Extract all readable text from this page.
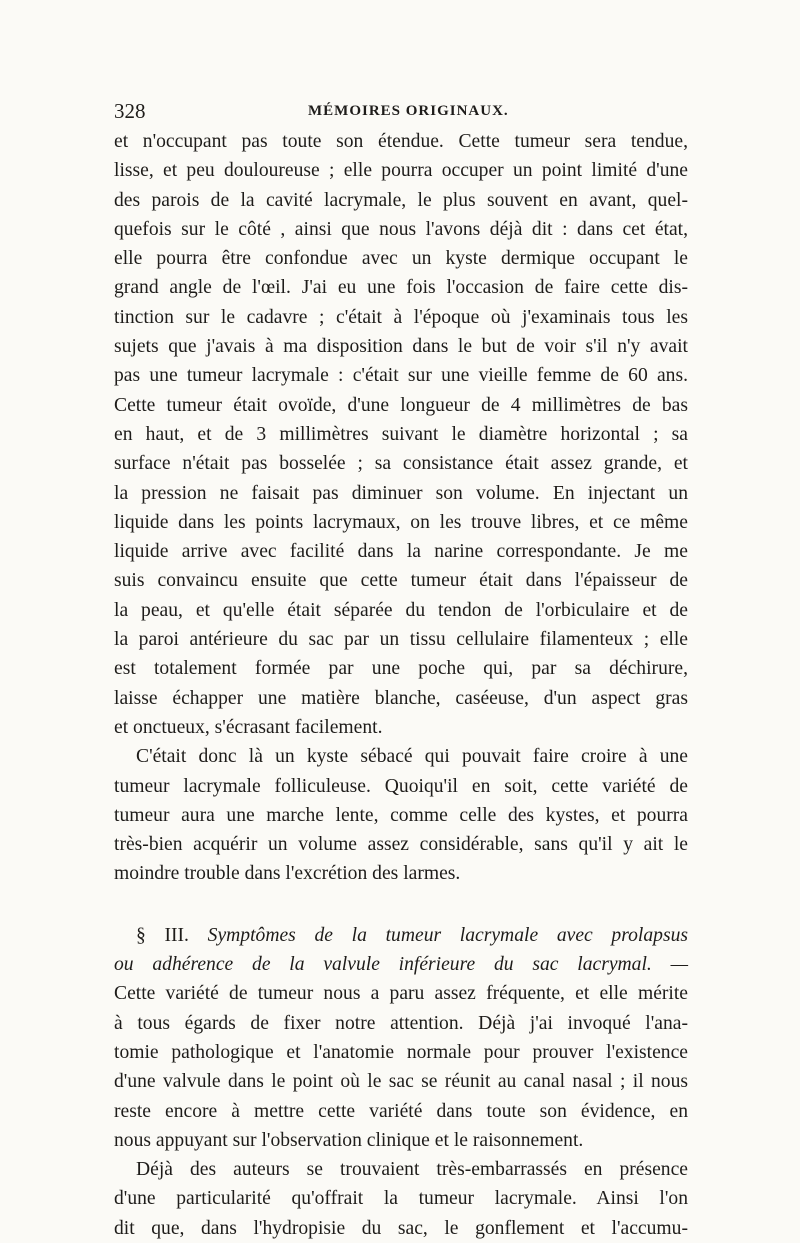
328	MÉMOIRES ORIGINAUX.
et n'occupant pas toute son étendue. Cette tumeur sera tendue,
lisse, et peu douloureuse ; elle pourra occuper un point limité d'une
des parois de la cavité lacrymale, le plus souvent en avant, quel-
quefois sur le côté , ainsi que nous l'avons déjà dit : dans cet état,
elle pourra être confondue avec un kyste dermique occupant le
grand angle de l'œil. J'ai eu une fois l'occasion de faire cette dis-
tinction sur le cadavre ; c'était à l'époque où j'examinais tous les
sujets que j'avais à ma disposition dans le but de voir s'il n'y avait
pas une tumeur lacrymale : c'était sur une vieille femme de 60 ans.
Cette tumeur était ovoïde, d'une longueur de 4 millimètres de bas
en haut, et de 3 millimètres suivant le diamètre horizontal ; sa
surface n'était pas bosselée ; sa consistance était assez grande, et
la pression ne faisait pas diminuer son volume. En injectant un
liquide dans les points lacrymaux, on les trouve libres, et ce même
liquide arrive avec facilité dans la narine correspondante. Je me
suis convaincu ensuite que cette tumeur était dans l'épaisseur de
la peau, et qu'elle était séparée du tendon de l'orbiculaire et de
la paroi antérieure du sac par un tissu cellulaire filamenteux ; elle
est totalement formée par une poche qui, par sa déchirure,
laisse échapper une matière blanche, caséeuse, d'un aspect gras
et onctueux, s'écrasant facilement.
C'était donc là un kyste sébacé qui pouvait faire croire à une
tumeur lacrymale folliculeuse. Quoiqu'il en soit, cette variété de
tumeur aura une marche lente, comme celle des kystes, et pourra
très-bien acquérir un volume assez considérable, sans qu'il y ait le
moindre trouble dans l'excrétion des larmes.
§ III. Symptômes de la tumeur lacrymale avec prolapsus
ou adhérence de la valvule inférieure du sac lacrymal. —
Cette variété de tumeur nous a paru assez fréquente, et elle mérite
à tous égards de fixer notre attention. Déjà j'ai invoqué l'ana-
tomie pathologique et l'anatomie normale pour prouver l'existence
d'une valvule dans le point où le sac se réunit au canal nasal ; il nous
reste encore à mettre cette variété dans toute son évidence, en
nous appuyant sur l'observation clinique et le raisonnement.
Déjà des auteurs se trouvaient très-embarrassés en présence
d'une particularité qu'offrait la tumeur lacrymale. Ainsi l'on
dit que, dans l'hydropisie du sac, le gonflement et l'accumu-
